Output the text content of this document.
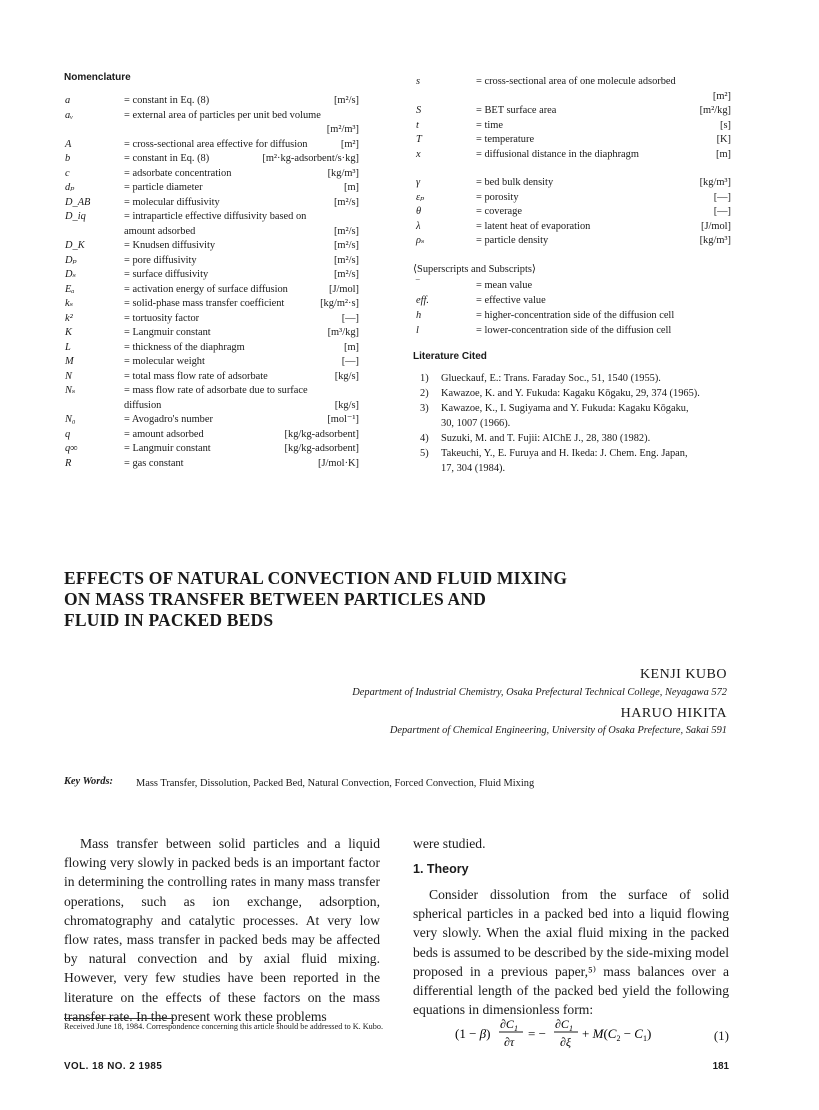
Nomenclature
a	= constant in Eq. (8)	[m²/s]
aᵥ	= external area of particles per unit bed volume
[m²/m³]
A	= cross-sectional area effective for diffusion	[m²]
b	= constant in Eq. (8)	[m²·kg-adsorbent/s·kg]
c	= adsorbate concentration	[kg/m³]
dₚ	= particle diameter	[m]
D_AB	= molecular diffusivity	[m²/s]
D_iq	= intraparticle effective diffusivity based on
amount adsorbed	[m²/s]
D_K	= Knudsen diffusivity	[m²/s]
Dₚ	= pore diffusivity	[m²/s]
Dₛ	= surface diffusivity	[m²/s]
Eₐ	= activation energy of surface diffusion	[J/mol]
kₛ	= solid-phase mass transfer coefficient	[kg/m²·s]
k²	= tortuosity factor	[—]
K	= Langmuir constant	[m³/kg]
L	= thickness of the diaphragm	[m]
M	= molecular weight	[—]
N	= total mass flow rate of adsorbate	[kg/s]
Nₛ	= mass flow rate of adsorbate due to surface
diffusion	[kg/s]
N₀	= Avogadro's number	[mol⁻¹]
q	= amount adsorbed	[kg/kg-adsorbent]
q∞	= Langmuir constant	[kg/kg-adsorbent]
R	= gas constant	[J/mol·K]
s	= cross-sectional area of one molecule adsorbed
[m²]
S	= BET surface area	[m²/kg]
t	= time	[s]
T	= temperature	[K]
x	= diffusional distance in the diaphragm	[m]
γ	= bed bulk density	[kg/m³]
εₚ	= porosity	[—]
θ	= coverage	[—]
λ	= latent heat of evaporation	[J/mol]
ρₛ	= particle density	[kg/m³]
⟨Superscripts and Subscripts⟩
‾	= mean value
eff.	= effective value
h	= higher-concentration side of the diffusion cell
l	= lower-concentration side of the diffusion cell
Literature Cited
1) Glueckauf, E.: Trans. Faraday Soc., 51, 1540 (1955).
2) Kawazoe, K. and Y. Fukuda: Kagaku Kōgaku, 29, 374 (1965).
3) Kawazoe, K., I. Sugiyama and Y. Fukuda: Kagaku Kōgaku,
30, 1007 (1966).
4) Suzuki, M. and T. Fujii: AIChE J., 28, 380 (1982).
5) Takeuchi, Y., E. Furuya and H. Ikeda: J. Chem. Eng. Japan,
17, 304 (1984).
EFFECTS OF NATURAL CONVECTION AND FLUID MIXING
ON MASS TRANSFER BETWEEN PARTICLES AND
FLUID IN PACKED BEDS
KENJI KUBO
Department of Industrial Chemistry, Osaka Prefectural Technical College, Neyagawa 572
HARUO HIKITA
Department of Chemical Engineering, University of Osaka Prefecture, Sakai 591
Key Words: Mass Transfer, Dissolution, Packed Bed, Natural Convection, Forced Convection, Fluid Mixing
Mass transfer between solid particles and a liquid flowing very slowly in packed beds is an important factor in determining the controlling rates in many mass transfer operations, such as ion exchange, adsorption, chromatography and catalytic processes. At very low flow rates, mass transfer in packed beds may be affected by natural convection and by axial fluid mixing. However, very few studies have been reported in the literature on the effects of these factors on the mass transfer rate. In the present work these problems
were studied.
1. Theory
Consider dissolution from the surface of solid spherical particles in a packed bed into a liquid flowing very slowly. When the axial fluid mixing in the packed beds is assumed to be described by the side-mixing model proposed in a previous paper,⁵⁾ mass balances over a differential length of the packed bed yield the following equations in dimensionless form:
(1 − β)
$\partial C_1$
∂τ
= −
$\partial C_1$
∂ξ
+ $M(C_2 - C_1)$	(1)
Received June 18, 1984. Correspondence concerning this article should be addressed to K. Kubo.
VOL. 18 NO. 2 1985	181
